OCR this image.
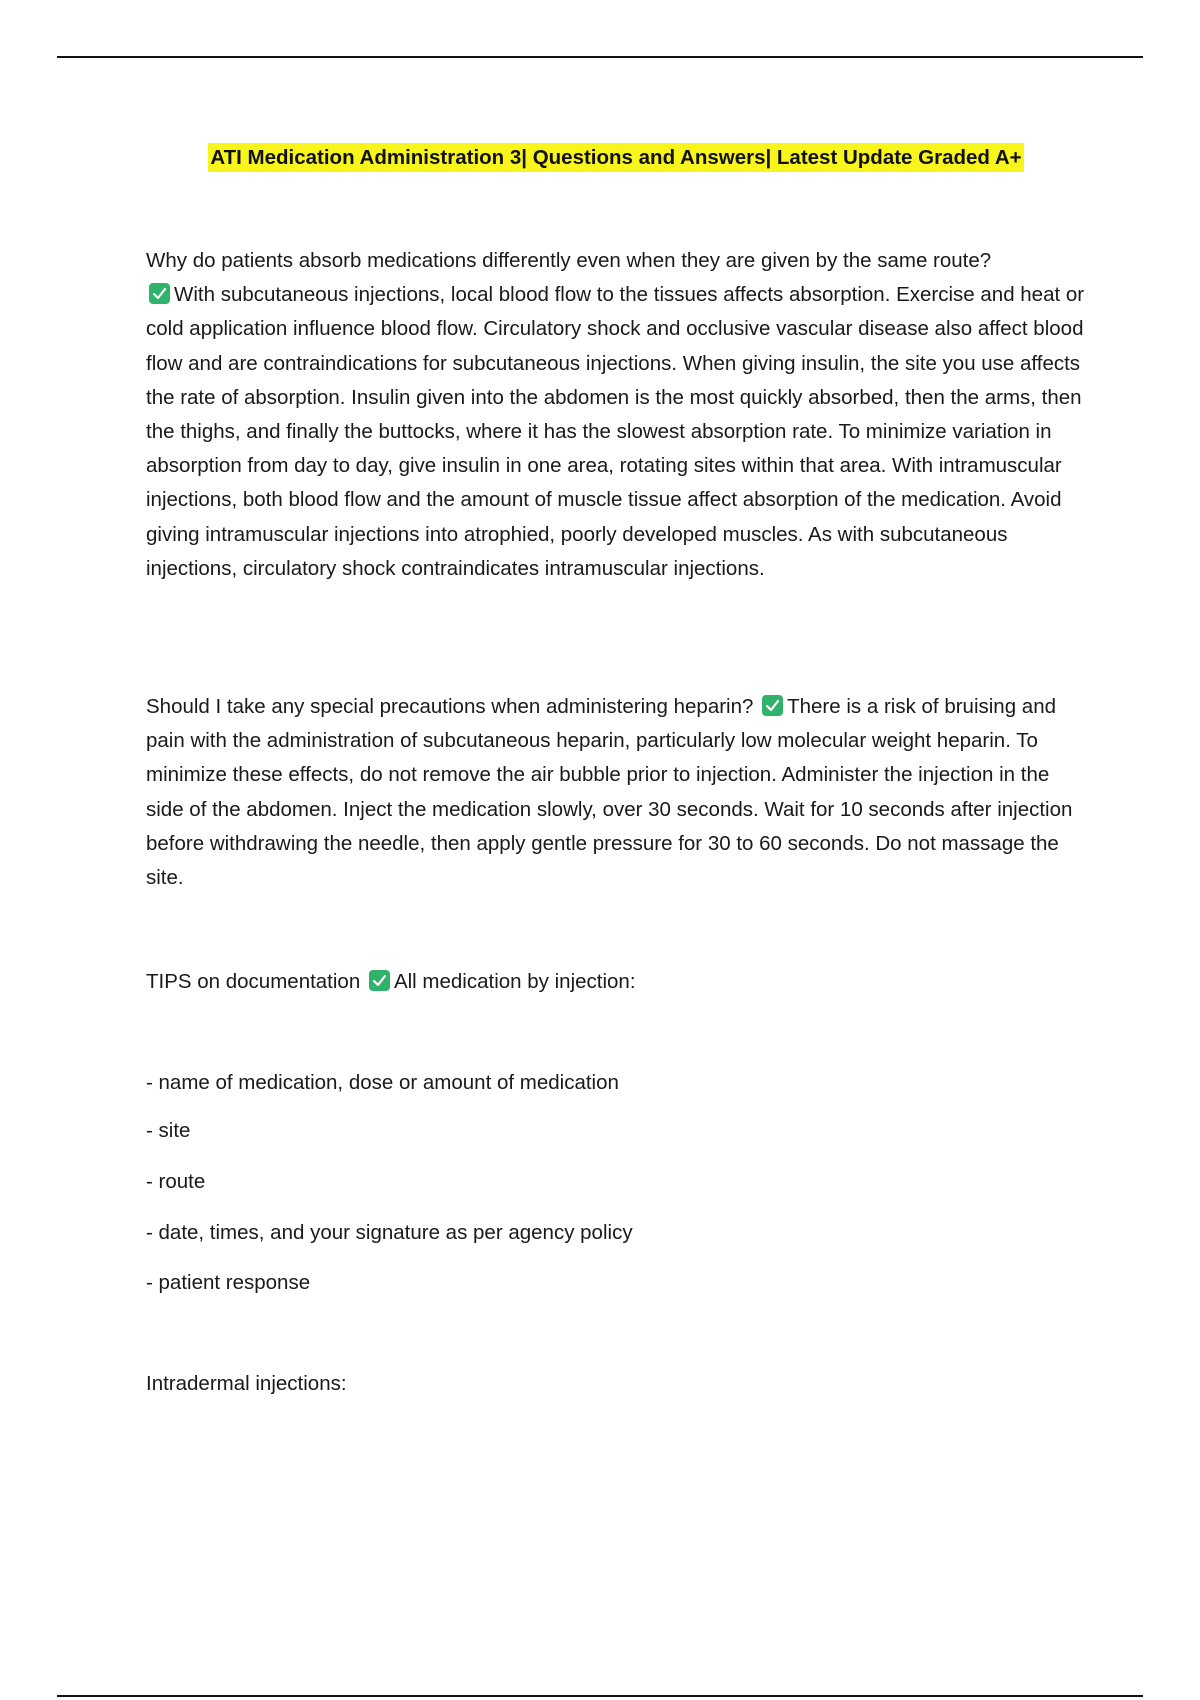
ATI Medication Administration 3| Questions and Answers| Latest Update Graded A+

Why do patients absorb medications differently even when they are given by the same route?

With subcutaneous injections, local blood flow to the tissues affects absorption. Exercise and heat or cold application influence blood flow. Circulatory shock and occlusive vascular disease also affect blood flow and are contraindications for subcutaneous injections. When giving insulin, the site you use affects the rate of absorption. Insulin given into the abdomen is the most quickly absorbed, then the arms, then the thighs, and finally the buttocks, where it has the slowest absorption rate. To minimize variation in absorption from day to day, give insulin in one area, rotating sites within that area. With intramuscular injections, both blood flow and the amount of muscle tissue affect absorption of the medication. Avoid giving intramuscular injections into atrophied, poorly developed muscles. As with subcutaneous injections, circulatory shock contraindicates intramuscular injections.

Should I take any special precautions when administering heparin? There is a risk of bruising and pain with the administration of subcutaneous heparin, particularly low molecular weight heparin. To minimize these effects, do not remove the air bubble prior to injection. Administer the injection in the side of the abdomen. Inject the medication slowly, over 30 seconds. Wait for 10 seconds after injection before withdrawing the needle, then apply gentle pressure for 30 to 60 seconds. Do not massage the site.

TIPS on documentation All medication by injection:

- name of medication, dose or amount of medication

- site

- route

- date, times, and your signature as per agency policy

- patient response

Intradermal injections:
